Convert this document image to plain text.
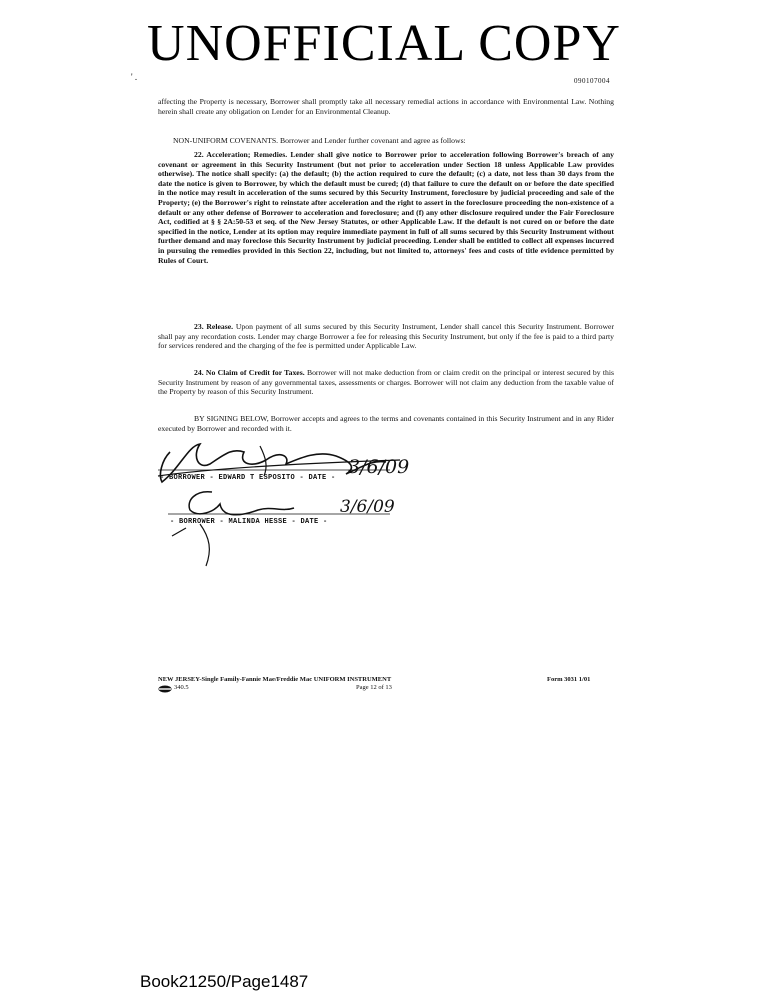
UNOFFICIAL COPY
' .	090107004
affecting the Property is necessary, Borrower shall promptly take all necessary remedial actions in accordance with Environmental Law. Nothing herein shall create any obligation on Lender for an Environmental Cleanup.
NON-UNIFORM COVENANTS. Borrower and Lender further covenant and agree as follows:
22. Acceleration; Remedies. Lender shall give notice to Borrower prior to acceleration following Borrower's breach of any covenant or agreement in this Security Instrument (but not prior to acceleration under Section 18 unless Applicable Law provides otherwise). The notice shall specify: (a) the default; (b) the action required to cure the default; (c) a date, not less than 30 days from the date the notice is given to Borrower, by which the default must be cured; (d) that failure to cure the default on or before the date specified in the notice may result in acceleration of the sums secured by this Security Instrument, foreclosure by judicial proceeding and sale of the Property; (e) the Borrower's right to reinstate after acceleration and the right to assert in the foreclosure proceeding the non-existence of a default or any other defense of Borrower to acceleration and foreclosure; and (f) any other disclosure required under the Fair Foreclosure Act, codified at § § 2A:50-53 et seq. of the New Jersey Statutes, or other Applicable Law. If the default is not cured on or before the date specified in the notice, Lender at its option may require immediate payment in full of all sums secured by this Security Instrument without further demand and may foreclose this Security Instrument by judicial proceeding. Lender shall be entitled to collect all expenses incurred in pursuing the remedies provided in this Section 22, including, but not limited to, attorneys' fees and costs of title evidence permitted by Rules of Court.
23. Release. Upon payment of all sums secured by this Security Instrument, Lender shall cancel this Security Instrument. Borrower shall pay any recordation costs. Lender may charge Borrower a fee for releasing this Security Instrument, but only if the fee is paid to a third party for services rendered and the charging of the fee is permitted under Applicable Law.
24. No Claim of Credit for Taxes. Borrower will not make deduction from or claim credit on the principal or interest secured by this Security Instrument by reason of any governmental taxes, assessments or charges. Borrower will not claim any deduction from the taxable value of the Property by reason of this Security Instrument.
BY SIGNING BELOW, Borrower accepts and agrees to the terms and covenants contained in this Security Instrument and in any Rider executed by Borrower and recorded with it.
3/6/09
3/6/09
- BORROWER - EDWARD T ESPOSITO - DATE -
- BORROWER - MALINDA HESSE - DATE -
NEW JERSEY-Single Family-Fannie Mae/Freddie Mac UNIFORM INSTRUMENT	Form 3031 1/01
340.5	Page 12 of 13
Book21250/Page1487
